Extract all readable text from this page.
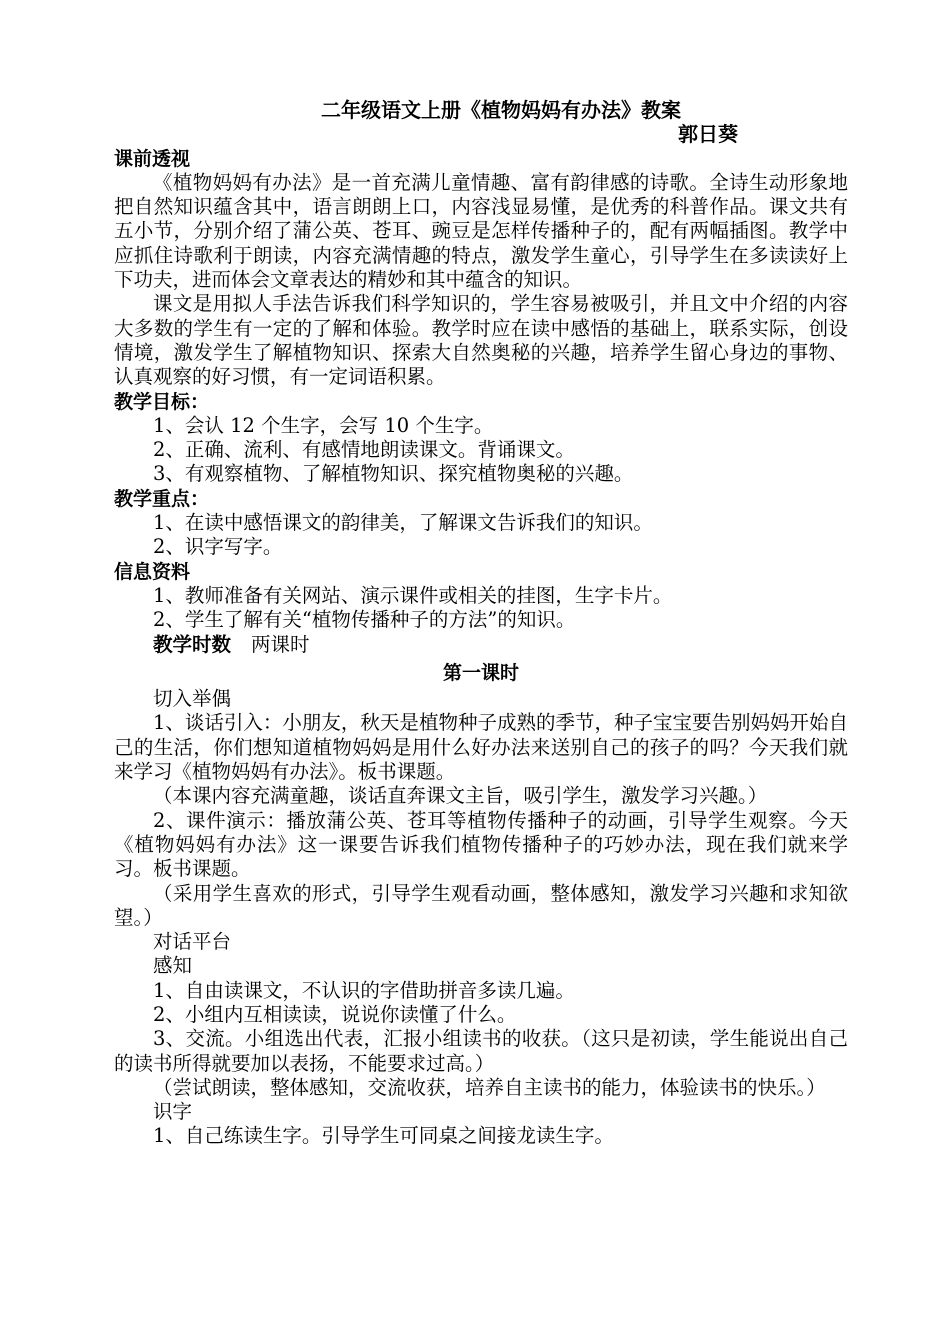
二年级语文上册《植物妈妈有办法》教案
郭日葵
课前透视

《植物妈妈有办法》是一首充满儿童情趣、富有韵律感的诗歌。全诗生动形象地把自然知识蕴含其中，语言朗朗上口，内容浅显易懂，是优秀的科普作品。课文共有五小节，分别介绍了蒲公英、苍耳、豌豆是怎样传播种子的，配有两幅插图。教学中应抓住诗歌利于朗读，内容充满情趣的特点，激发学生童心，引导学生在多读读好上下功夫，进而体会文章表达的精妙和其中蕴含的知识。

课文是用拟人手法告诉我们科学知识的，学生容易被吸引，并且文中介绍的内容大多数的学生有一定的了解和体验。教学时应在读中感悟的基础上，联系实际，创设情境，激发学生了解植物知识、探索大自然奥秘的兴趣，培养学生留心身边的事物、认真观察的好习惯，有一定词语积累。

教学目标：

1、会认 12 个生字，会写 10 个生字。

2、正确、流利、有感情地朗读课文。背诵课文。

3、有观察植物、了解植物知识、探究植物奥秘的兴趣。

教学重点：

1、在读中感悟课文的韵律美，了解课文告诉我们的知识。

2、识字写字。

信息资料

1、教师准备有关网站、演示课件或相关的挂图，生字卡片。

2、学生了解有关“植物传播种子的方法”的知识。

教学时数 两课时
第一课时

切入举偶

1、谈话引入：小朋友，秋天是植物种子成熟的季节，种子宝宝要告别妈妈开始自己的生活，你们想知道植物妈妈是用什么好办法来送别自己的孩子的吗？今天我们就来学习《植物妈妈有办法》。板书课题。

（本课内容充满童趣，谈话直奔课文主旨，吸引学生，激发学习兴趣。）

2、课件演示：播放蒲公英、苍耳等植物传播种子的动画，引导学生观察。今天《植物妈妈有办法》这一课要告诉我们植物传播种子的巧妙办法，现在我们就来学习。板书课题。

（采用学生喜欢的形式，引导学生观看动画，整体感知，激发学习兴趣和求知欲望。）

对话平台

感知

1、自由读课文，不认识的字借助拼音多读几遍。

2、小组内互相读读，说说你读懂了什么。

3、交流。小组选出代表，汇报小组读书的收获。（这只是初读，学生能说出自己的读书所得就要加以表扬，不能要求过高。）

（尝试朗读，整体感知，交流收获，培养自主读书的能力，体验读书的快乐。）

识字

1、自己练读生字。引导学生可同桌之间接龙读生字。
